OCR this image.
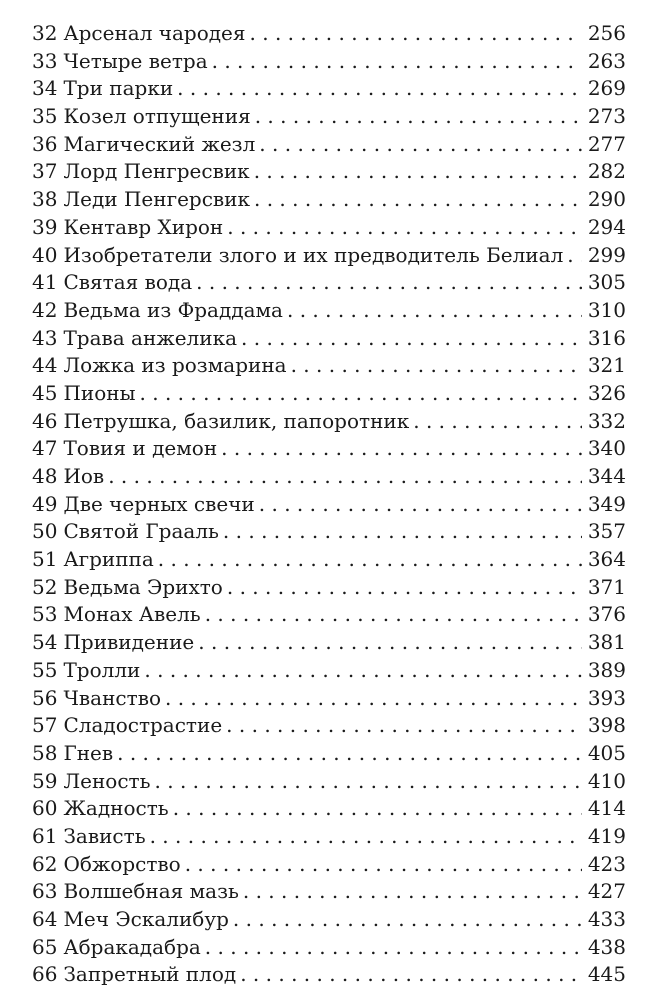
32 Арсенал чародея . . .	256
33 Четыре ветра . . .	263
34 Три парки . . .	269
35 Козел отпущения . . .	273
36 Магический жезл . . .	277
37 Лорд Пенгресвик . . .	282
38 Леди Пенгерсвик . . .	290
39 Кентавр Хирон . . .	294
40 Изобретатели злого и их предводитель Белиал . . . 299
41 Святая вода . . .	305
42 Ведьма из Фраддама . . .	310
43 Трава анжелика . . .	316
44 Ложка из розмарина . . .	321
45 Пионы . . .	326
46 Петрушка, базилик, папоротник . . .	332
47 Товия и демон . . .	340
48 Иов . . .	344
49 Две черных свечи . . .	349
50 Святой Грааль . . .	357
51 Агриппа . . .	364
52 Ведьма Эрихто . . .	371
53 Монах Авель . . .	376
54 Привидение . . .	381
55 Тролли . . .	389
56 Чванство . . .	393
57 Сладострастие . . .	398
58 Гнев . . .	405
59 Леность . . .	410
60 Жадность . . .	414
61 Зависть . . .	419
62 Обжорство . . .	423
63 Волшебная мазь . . .	427
64 Меч Эскалибур . . .	433
65 Абракадабра . . .	438
66 Запретный плод . . .	445
